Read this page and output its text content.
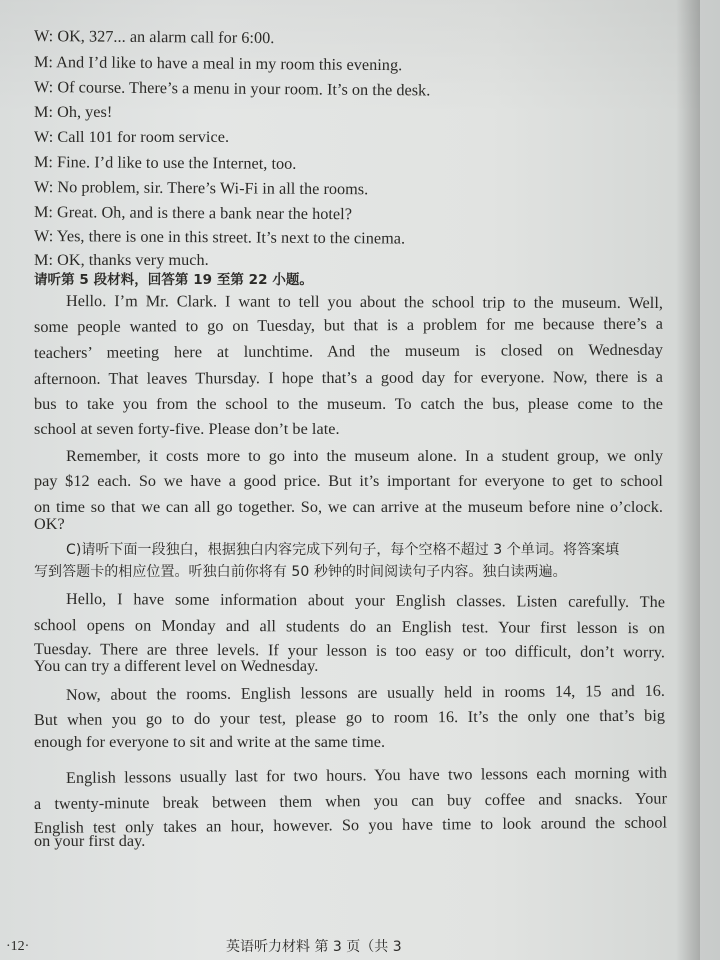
W: OK, 327... an alarm call for 6:00.
M: And I’d like to have a meal in my room this evening.
W: Of course. There’s a menu in your room. It’s on the desk.
M: Oh, yes!
W: Call 101 for room service.
M: Fine. I’d like to use the Internet, too.
W: No problem, sir. There’s Wi-Fi in all the rooms.
M: Great. Oh, and is there a bank near the hotel?
W: Yes, there is one in this street. It’s next to the cinema.
M: OK, thanks very much.
请听第 5 段材料，回答第 19 至第 22 小题。
Hello. I’m Mr. Clark. I want to tell you about the school trip to the museum. Well,
some people wanted to go on Tuesday, but that is a problem for me because there’s a
teachers’ meeting here at lunchtime. And the museum is closed on Wednesday
afternoon. That leaves Thursday. I hope that’s a good day for everyone. Now, there is a
bus to take you from the school to the museum. To catch the bus, please come to the
school at seven forty-five. Please don’t be late.
Remember, it costs more to go into the museum alone. In a student group, we only
pay $12 each. So we have a good price. But it’s important for everyone to get to school
on time so that we can all go together. So, we can arrive at the museum before nine o’clock.
OK?
C)请听下面一段独白，根据独白内容完成下列句子，每个空格不超过 3 个单词。将答案填
写到答题卡的相应位置。听独白前你将有 50 秒钟的时间阅读句子内容。独白读两遍。
Hello, I have some information about your English classes. Listen carefully. The
school opens on Monday and all students do an English test. Your first lesson is on
Tuesday. There are three levels. If your lesson is too easy or too difficult, don’t worry.
You can try a different level on Wednesday.
Now, about the rooms. English lessons are usually held in rooms 14, 15 and 16.
But when you go to do your test, please go to room 16. It’s the only one that’s big
enough for everyone to sit and write at the same time.
English lessons usually last for two hours. You have two lessons each morning with
a twenty-minute break between them when you can buy coffee and snacks. Your
English test only takes an hour, however. So you have time to look around the school
on your first day.
·12·	英语听力材料 第 3 页（共 3
